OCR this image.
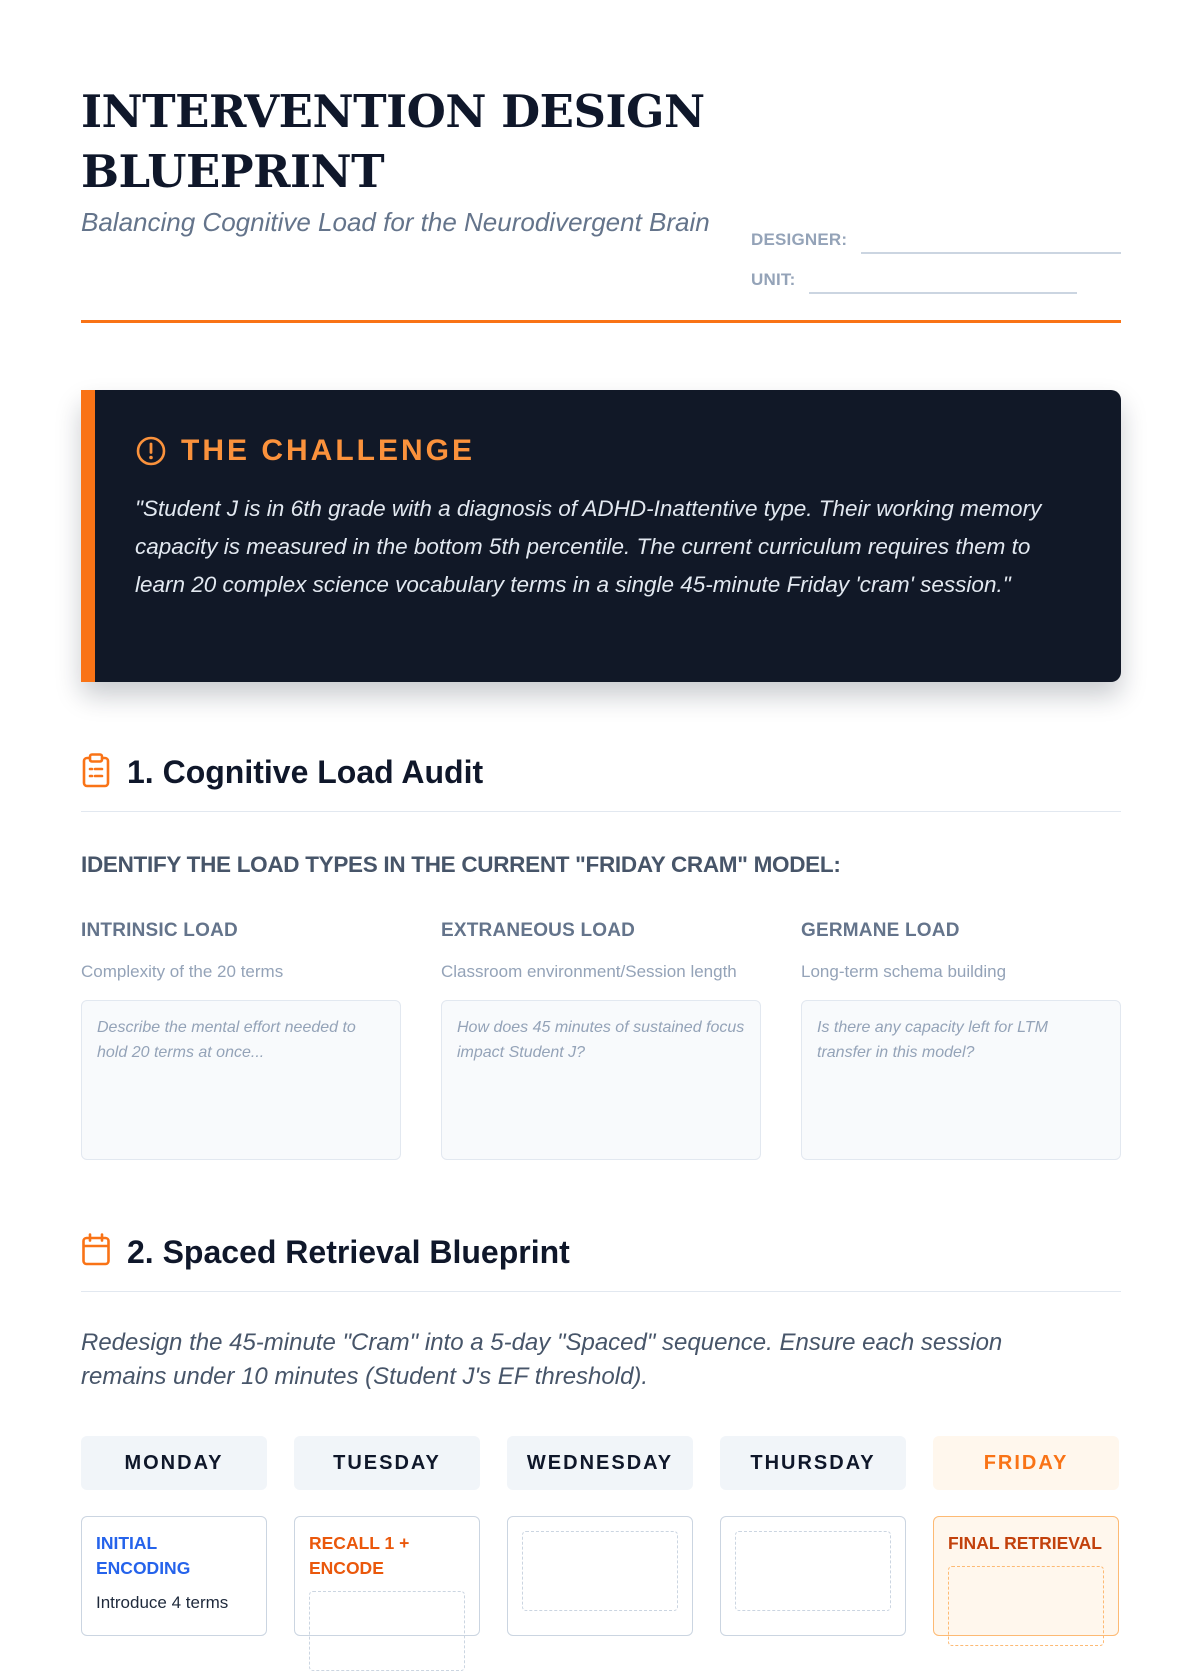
INTERVENTION DESIGN BLUEPRINT
Balancing Cognitive Load for the Neurodivergent Brain
DESIGNER:
UNIT:
THE CHALLENGE

"Student J is in 6th grade with a diagnosis of ADHD-Inattentive type. Their working memory capacity is measured in the bottom 5th percentile. The current curriculum requires them to learn 20 complex science vocabulary terms in a single 45-minute Friday 'cram' session."

1. Cognitive Load Audit
IDENTIFY THE LOAD TYPES IN THE CURRENT "FRIDAY CRAM" MODEL:
INTRINSIC LOAD
Complexity of the 20 terms
Describe the mental effort needed to hold 20 terms at once...
EXTRANEOUS LOAD
Classroom environment/Session length
How does 45 minutes of sustained focus impact Student J?
GERMANE LOAD
Long-term schema building
Is there any capacity left for LTM transfer in this model?
2. Spaced Retrieval Blueprint

Redesign the 45-minute "Cram" into a 5-day "Spaced" sequence. Ensure each session remains under 10 minutes (Student J's EF threshold).

MONDAY
INITIAL ENCODING
Introduce 4 terms
TUESDAY
RECALL 1 + ENCODE
WEDNESDAY	THURSDAY	FRIDAY
FINAL RETRIEVAL
